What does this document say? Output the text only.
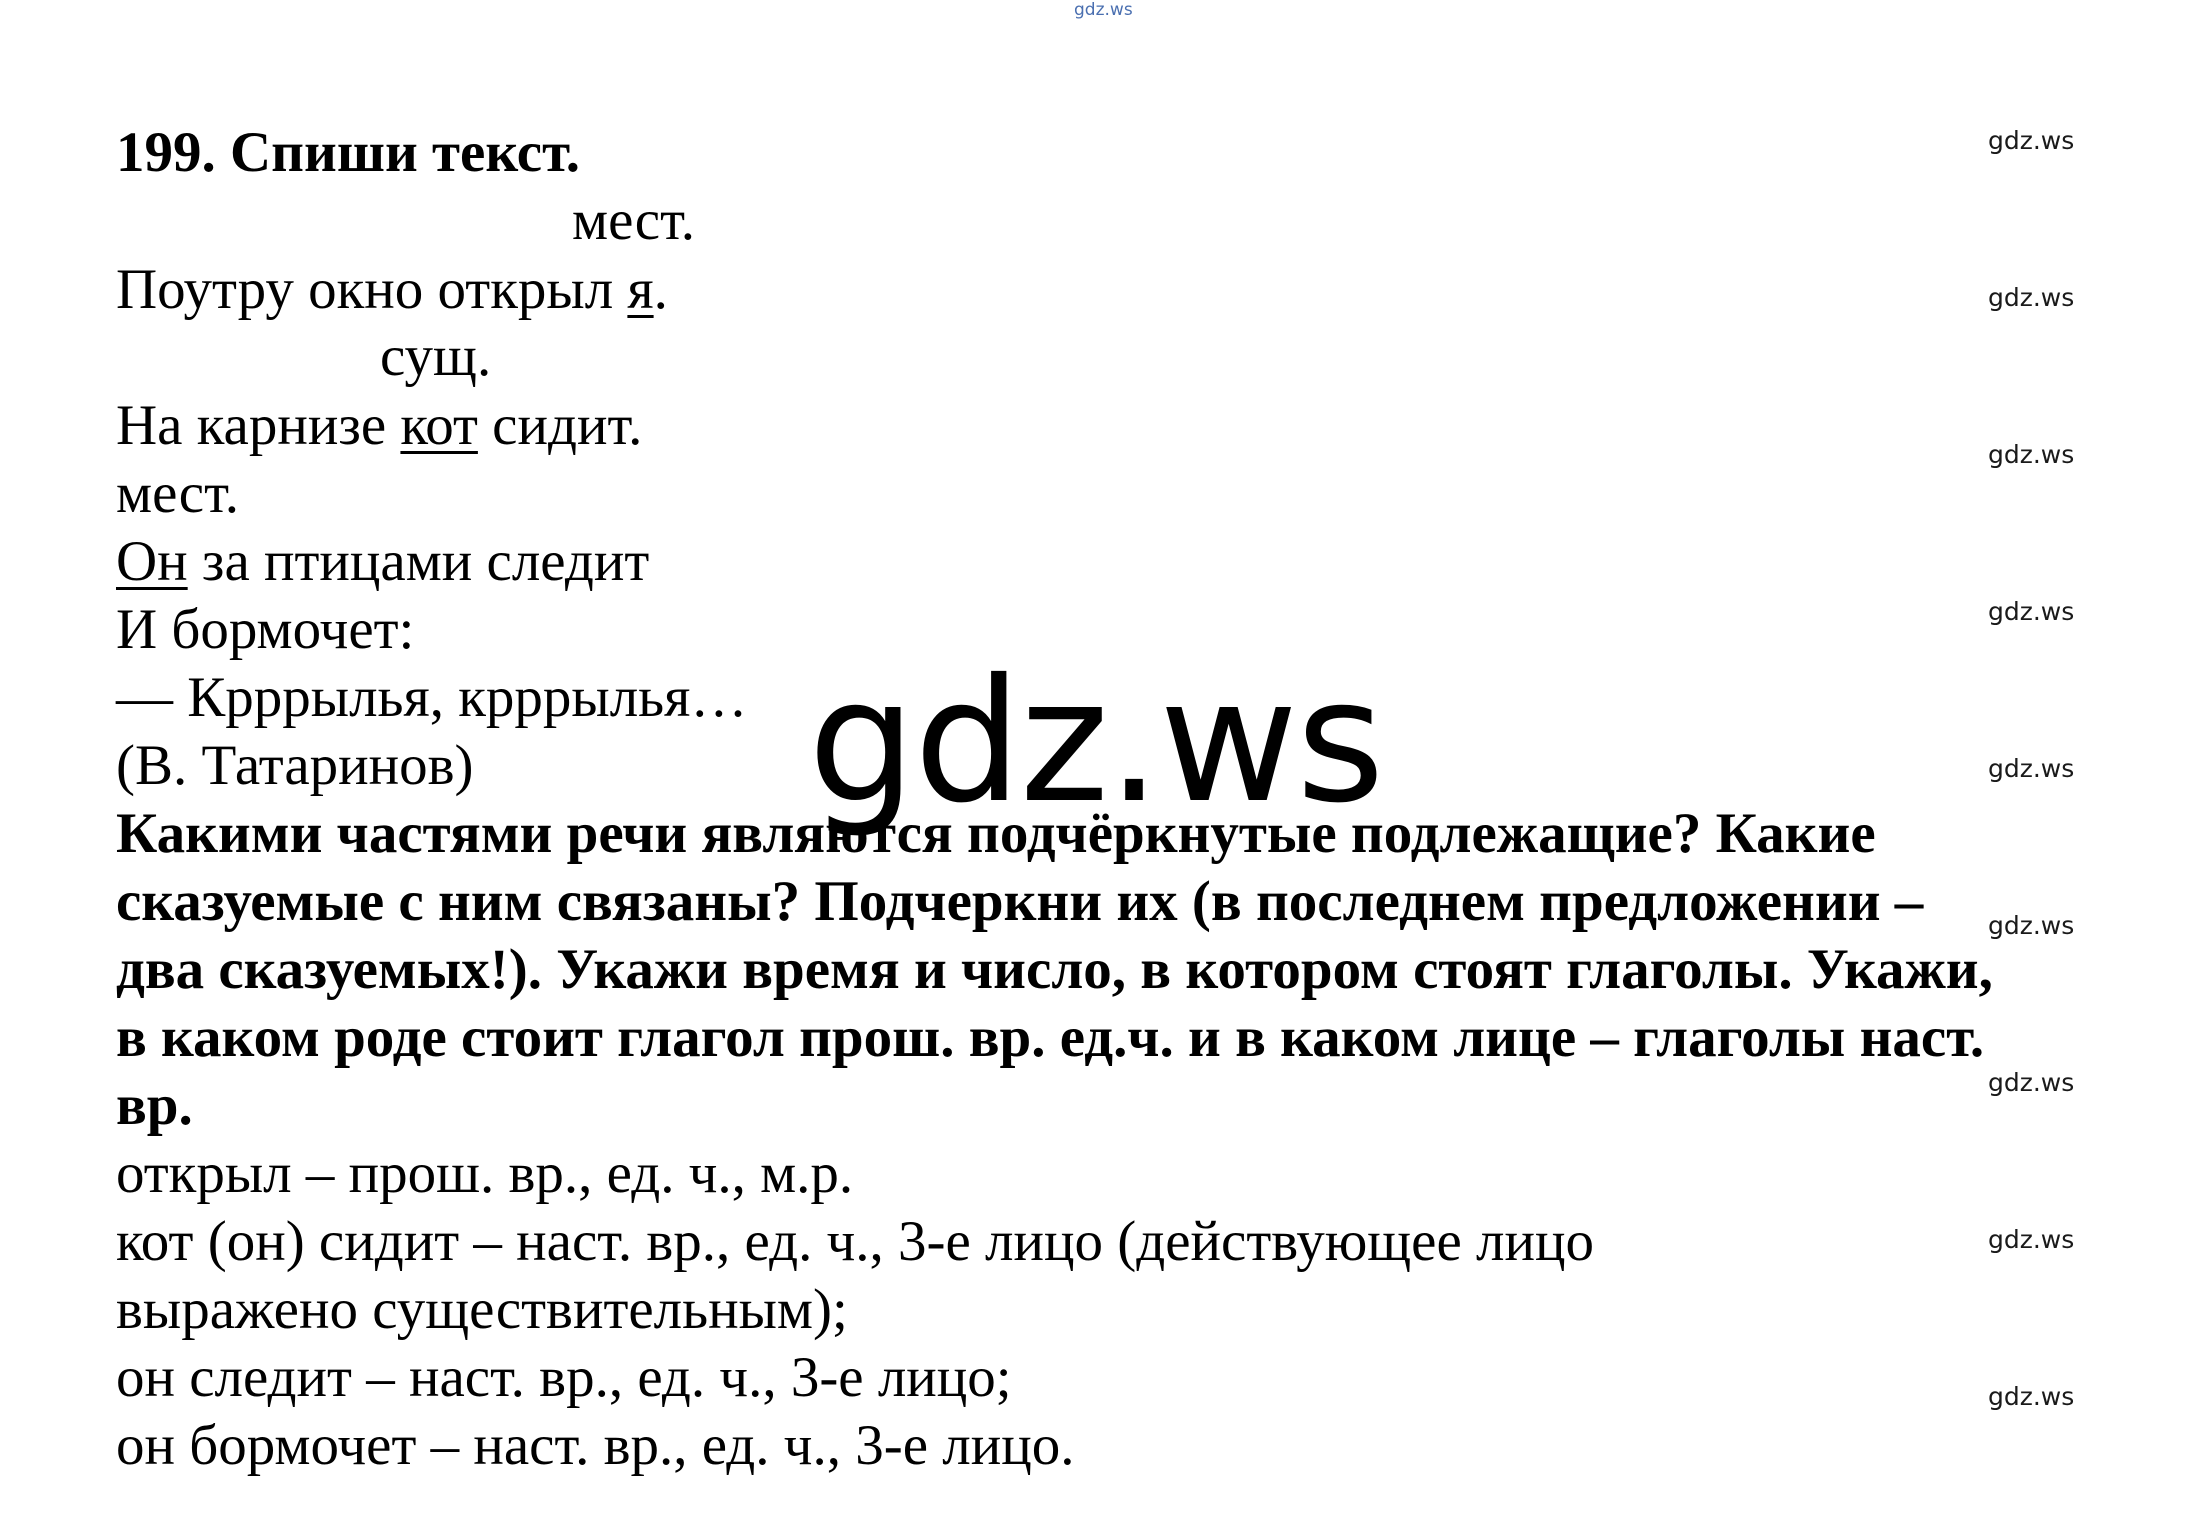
gdz.ws
199. Спиши текст.
мест.
Поутру окно открыл я.
сущ.
На карнизе кот сидит.
мест.
Он за птицами следит
И бормочет:
— Крррылья, крррылья…
(В. Татаринов)
Какими частями речи являются подчёркнутые подлежащие? Какие
сказуемые с ним связаны? Подчеркни их (в последнем предложении –
два сказуемых!). Укажи время и число, в котором стоят глаголы. Укажи,
в каком роде стоит глагол прош. вр. ед.ч. и в каком лице – глаголы наст.
вр.
открыл – прош. вр., ед. ч., м.р.
кот (он) сидит – наст. вр., ед. ч., 3-е лицо (действующее лицо
выражено существительным);
он следит – наст. вр., ед. ч., 3-е лицо;
он бормочет – наст. вр., ед. ч., 3-е лицо.
gdz.ws
gdz.ws
gdz.ws
gdz.ws
gdz.ws
gdz.ws
gdz.ws
gdz.ws
gdz.ws
gdz.ws
